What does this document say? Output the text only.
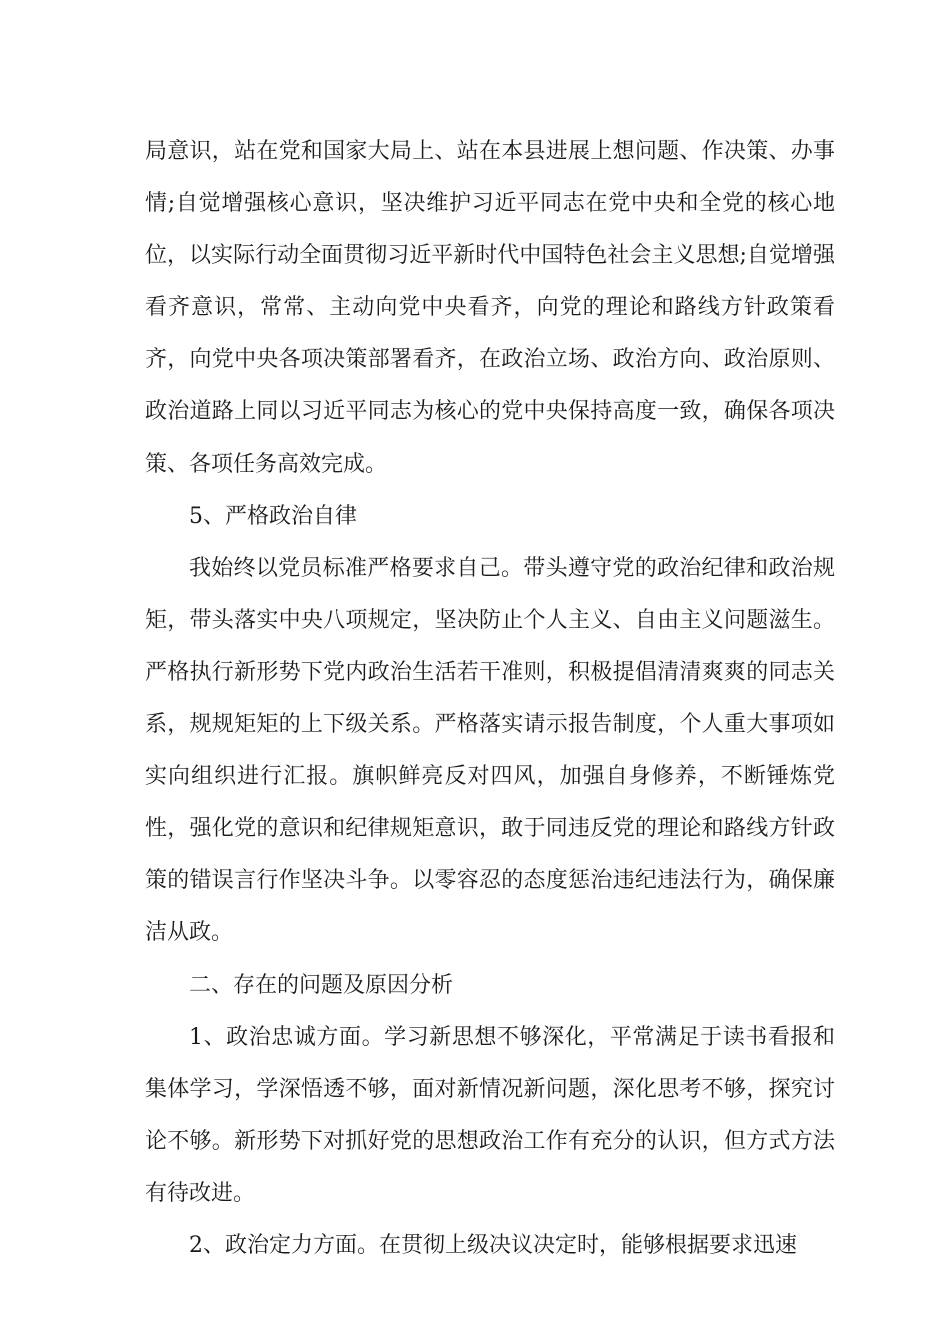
局意识，站在党和国家大局上、站在本县进展上想问题、作决策、办事情;自觉增强核心意识，坚决维护习近平同志在党中央和全党的核心地位，以实际行动全面贯彻习近平新时代中国特色社会主义思想;自觉增强看齐意识，常常、主动向党中央看齐，向党的理论和路线方针政策看齐，向党中央各项决策部署看齐，在政治立场、政治方向、政治原则、政治道路上同以习近平同志为核心的党中央保持高度一致，确保各项决策、各项任务高效完成。

5、严格政治自律

我始终以党员标准严格要求自己。带头遵守党的政治纪律和政治规矩，带头落实中央八项规定，坚决防止个人主义、自由主义问题滋生。严格执行新形势下党内政治生活若干准则，积极提倡清清爽爽的同志关系，规规矩矩的上下级关系。严格落实请示报告制度，个人重大事项如实向组织进行汇报。旗帜鲜亮反对四风，加强自身修养，不断锤炼党性，强化党的意识和纪律规矩意识，敢于同违反党的理论和路线方针政策的错误言行作坚决斗争。以零容忍的态度惩治违纪违法行为，确保廉洁从政。

二、存在的问题及原因分析

1、政治忠诚方面。学习新思想不够深化，平常满足于读书看报和集体学习，学深悟透不够，面对新情况新问题，深化思考不够，探究讨论不够。新形势下对抓好党的思想政治工作有充分的认识，但方式方法有待改进。

2、政治定力方面。在贯彻上级决议决定时，能够根据要求迅速
